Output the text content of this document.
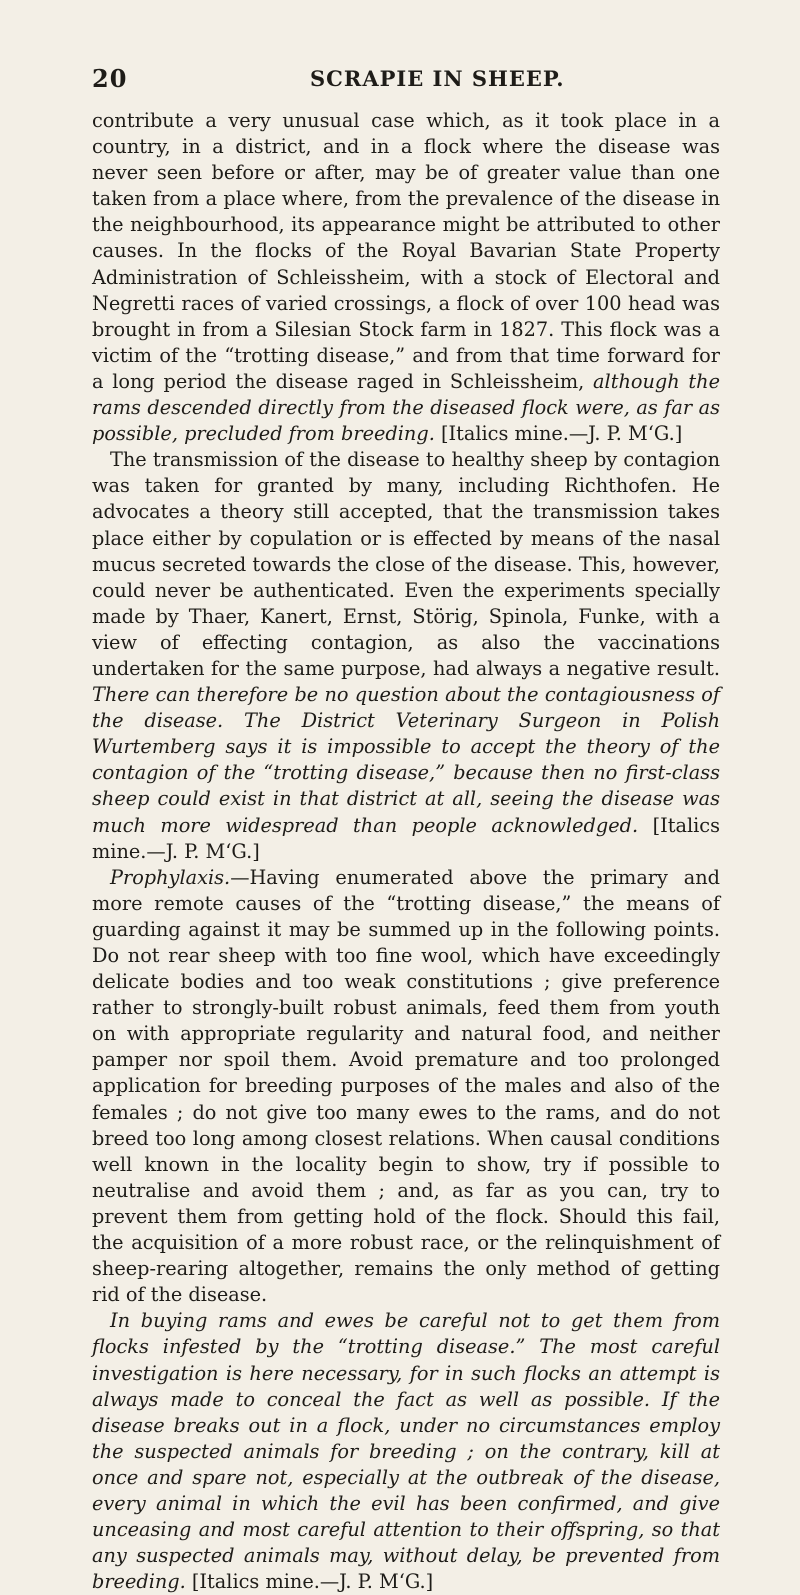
20	SCRAPIE IN SHEEP.

contribute a very unusual case which, as it took place in a country, in a district, and in a flock where the disease was never seen before or after, may be of greater value than one taken from a place where, from the prevalence of the disease in the neighbourhood, its appearance might be attributed to other causes. In the flocks of the Royal Bavarian State Property Administration of Schleissheim, with a stock of Electoral and Negretti races of varied crossings, a flock of over 100 head was brought in from a Silesian Stock farm in 1827. This flock was a victim of the “trotting disease,” and from that time forward for a long period the disease raged in Schleissheim, although the rams descended directly from the diseased flock were, as far as possible, precluded from breeding. [Italics mine.—J. P. M‘G.]

The transmission of the disease to healthy sheep by contagion was taken for granted by many, including Richthofen. He advocates a theory still accepted, that the transmission takes place either by copulation or is effected by means of the nasal mucus secreted towards the close of the disease. This, however, could never be authenticated. Even the experiments specially made by Thaer, Kanert, Ernst, Störig, Spinola, Funke, with a view of effecting contagion, as also the vaccinations undertaken for the same purpose, had always a negative result. There can therefore be no question about the contagiousness of the disease. The District Veterinary Surgeon in Polish Wurtemberg says it is impossible to accept the theory of the contagion of the “trotting disease,” because then no first-class sheep could exist in that district at all, seeing the disease was much more widespread than people acknowledged. [Italics mine.—J. P. M‘G.]

Prophylaxis.—Having enumerated above the primary and more remote causes of the “trotting disease,” the means of guarding against it may be summed up in the following points. Do not rear sheep with too fine wool, which have exceedingly delicate bodies and too weak constitutions ; give preference rather to strongly-built robust animals, feed them from youth on with appropriate regularity and natural food, and neither pamper nor spoil them. Avoid premature and too prolonged application for breeding purposes of the males and also of the females ; do not give too many ewes to the rams, and do not breed too long among closest relations. When causal conditions well known in the locality begin to show, try if possible to neutralise and avoid them ; and, as far as you can, try to prevent them from getting hold of the flock. Should this fail, the acquisition of a more robust race, or the relinquishment of sheep-rearing altogether, remains the only method of getting rid of the disease.

In buying rams and ewes be careful not to get them from flocks infested by the “trotting disease.” The most careful investigation is here necessary, for in such flocks an attempt is always made to conceal the fact as well as possible. If the disease breaks out in a flock, under no circumstances employ the suspected animals for breeding ; on the contrary, kill at once and spare not, especially at the outbreak of the disease, every animal in which the evil has been confirmed, and give unceasing and most careful attention to their offspring, so that any suspected animals may, without delay, be prevented from breeding. [Italics mine.—J. P. M‘G.]
